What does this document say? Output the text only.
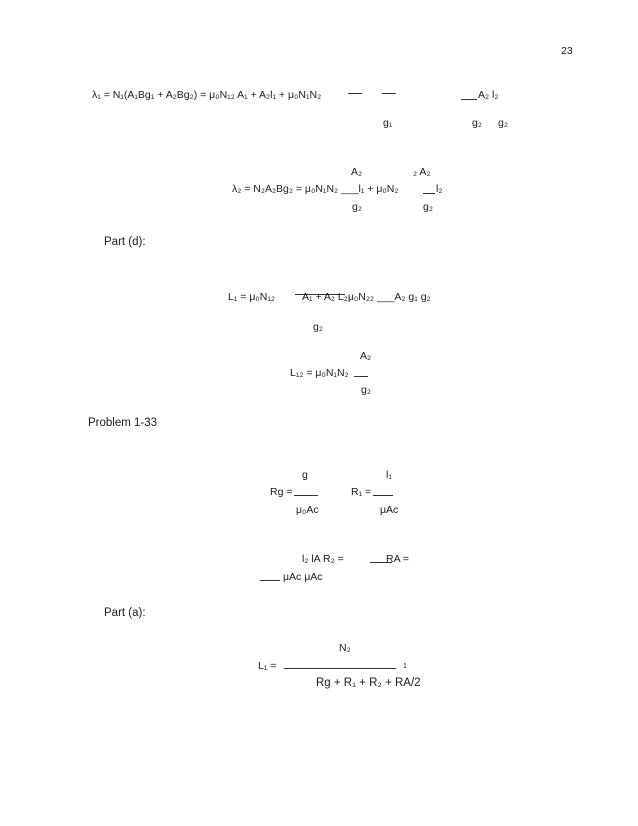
23
λ₁ = N₁(A₁Bg₁ + A₂Bg₂) = μ₀N₁₂ A₁ + A₂l₁ + μ₀N₁N₂	A₂ l₂
g₁	g₂ g₂
A₂	₂ A₂
λ₂ = N₂A₂Bg₂ = μ₀N₁N₂ ___l₁ + μ₀N₂	l₂
g₂	g₂
Part (d):
L₁ = μ₀N₁₂	A₁ + A₂ L₂μ₀N₂₂ ___A₂ g₁ g₂
g₂
A₂
L₁₂ = μ₀N₁N₂
g₂
Problem 1-33
g	l₁
Rg =	R₁ =
μ₀Ac	μAc
l₂ lA R₂ =	RA =
μAc μAc
Part (a):
N₂
L₁ =	1
Rg + R₁ + R₂ + RA/2
